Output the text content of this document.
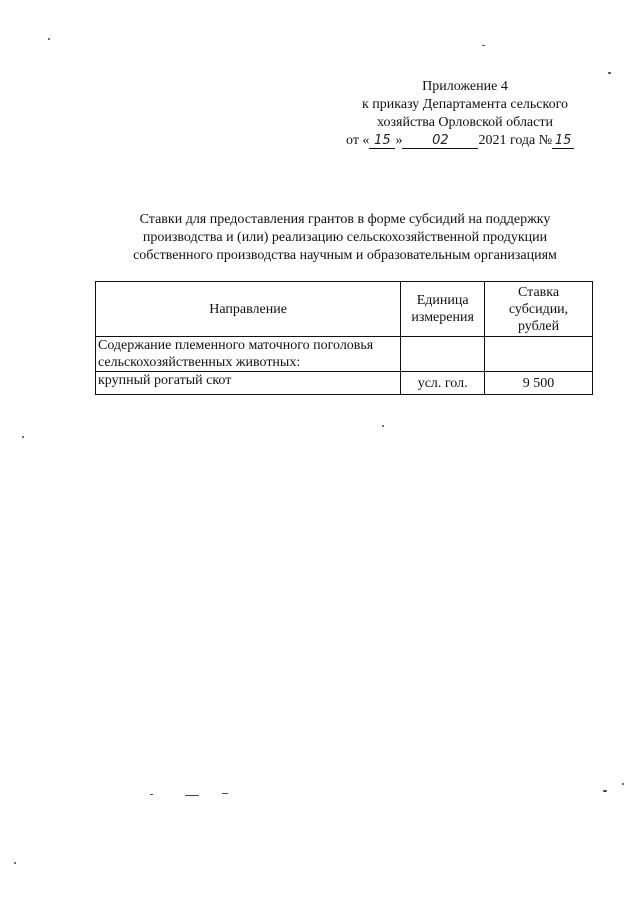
Приложение 4
к приказу Департамента сельского
хозяйства Орловской области
от « 15 » 02 2021 года № 15
Ставки для предоставления грантов в форме субсидий на поддержку
производства и (или) реализацию сельскохозяйственной продукции
собственного производства научным и образовательным организациям
Направление	Единица измерения	Ставка субсидии, рублей
Содержание племенного маточного поголовья сельскохозяйственных животных:		
крупный рогатый скот	усл. гол.	9 500
